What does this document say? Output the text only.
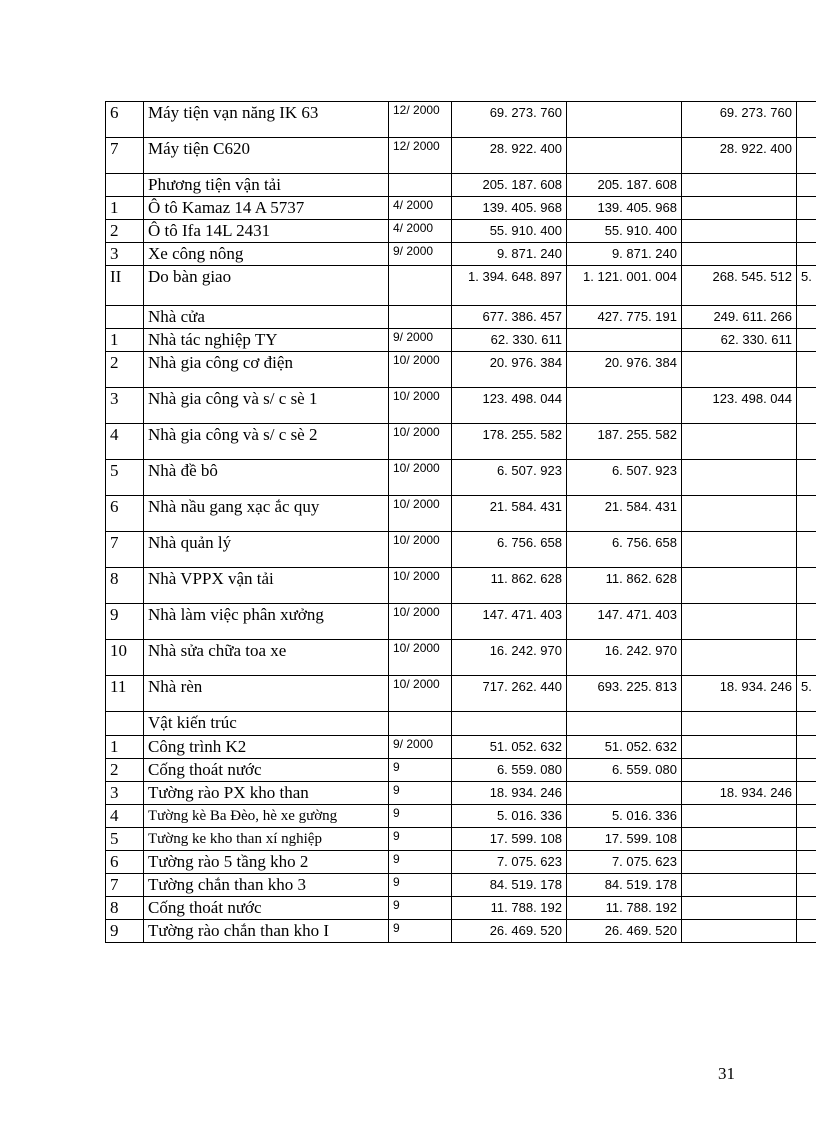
6	Máy tiện vạn năng IK 63	12/ 2000	69. 273. 760		69. 273. 760	
7	Máy tiện C620	12/ 2000	28. 922. 400		28. 922. 400	
	Phương tiện vận tải		205. 187. 608	205. 187. 608		
1	Ô tô Kamaz 14 A 5737	4/ 2000	139. 405. 968	139. 405. 968		
2	Ô tô Ifa 14L 2431	4/ 2000	55. 910. 400	55. 910. 400		
3	Xe công nông	9/ 2000	9. 871. 240	9. 871. 240		
II	Do bàn giao		1. 394. 648. 897	1. 121. 001. 004	268. 545. 512	5.
	Nhà cửa		677. 386. 457	427. 775. 191	249. 611. 266	
1	Nhà tác nghiệp TY	9/ 2000	62. 330. 611		62. 330. 611	
2	Nhà gia công cơ điện	10/ 2000	20. 976. 384	20. 976. 384		
3	Nhà gia công và s/ c sè 1	10/ 2000	123. 498. 044		123. 498. 044	
4	Nhà gia công và s/ c sè 2	10/ 2000	178. 255. 582	187. 255. 582		
5	Nhà đề bô	10/ 2000	6. 507. 923	6. 507. 923		
6	Nhà nầu gang xạc ắc quy	10/ 2000	21. 584. 431	21. 584. 431		
7	Nhà quản lý	10/ 2000	6. 756. 658	6. 756. 658		
8	Nhà VPPX vận tải	10/ 2000	11. 862. 628	11. 862. 628		
9	Nhà làm việc phân xưởng	10/ 2000	147. 471. 403	147. 471. 403		
10	Nhà sửa chữa toa xe	10/ 2000	16. 242. 970	16. 242. 970		
11	Nhà rèn	10/ 2000	717. 262. 440	693. 225. 813	18. 934. 246	5.
	Vật kiến trúc					
1	Công trình K2	9/ 2000	51. 052. 632	51. 052. 632		
2	Cống thoát nước	9	6. 559. 080	6. 559. 080		
3	Tường rào PX kho than	9	18. 934. 246		18. 934. 246	
4	Tường kè Ba Đèo, hè xe gường	9	5. 016. 336	5. 016. 336		
5	Tường ke kho than xí nghiệp	9	17. 599. 108	17. 599. 108		
6	Tường rào 5 tầng kho 2	9	7. 075. 623	7. 075. 623		
7	Tường chắn than kho 3	9	84. 519. 178	84. 519. 178		
8	Cống thoát nước	9	11. 788. 192	11. 788. 192		
9	Tường rào chắn than kho I	9	26. 469. 520	26. 469. 520		
31
